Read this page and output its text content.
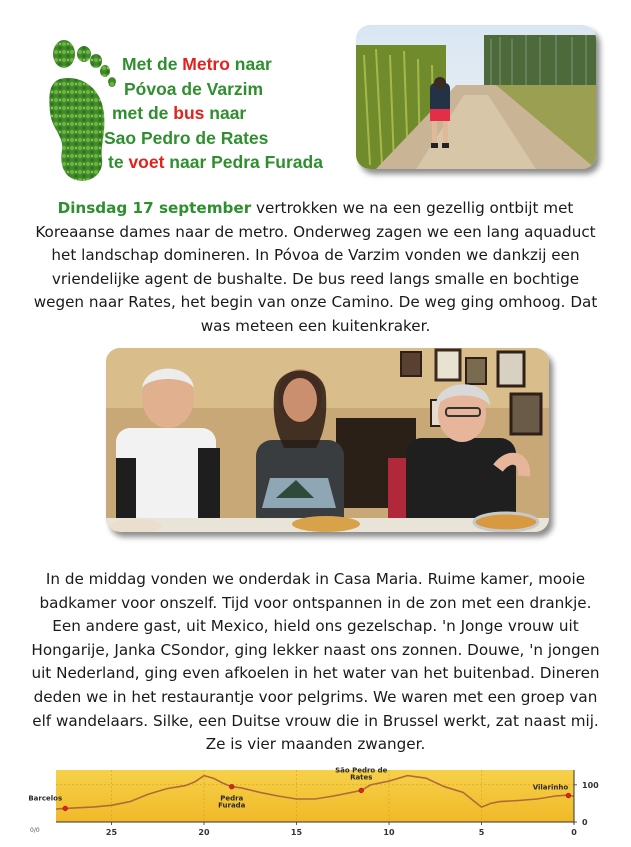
Met de Metro naar
Póvoa de Varzim
met de bus naar
Sao Pedro de Rates
te voet naar Pedra Furada
Dinsdag 17 september vertrokken we na een gezellig ontbijt met Koreaanse dames naar de metro. Onderweg zagen we een lang aquaduct het landschap domineren. In Póvoa de Varzim vonden we dankzij een vriendelijke agent de bushalte. De bus reed langs smalle en bochtige wegen naar Rates, het begin van onze Camino. De weg ging omhoog. Dat was meteen een kuitenkraker.
In de middag vonden we onderdak in Casa Maria. Ruime kamer, mooie badkamer voor onszelf. Tijd voor ontspannen in de zon met een drankje. Een andere gast, uit Mexico, hield ons gezelschap. 'n Jonge vrouw uit Hongarije, Janka CSondor, ging lekker naast ons zonnen. Douwe, 'n jongen uit Nederland, ging even afkoelen in het water van het buitenbad. Dineren deden we in het restaurantje voor pelgrims. We waren met een groep van elf wandelaars. Silke, een Duitse vrouw die in Brussel werkt, zat naast mij. Ze is vier maanden zwanger.
Barcelos	Pedra Furada
São Pedro de Rates
Vilarinho
25	20	15	10	5	0
100
0
0/0
